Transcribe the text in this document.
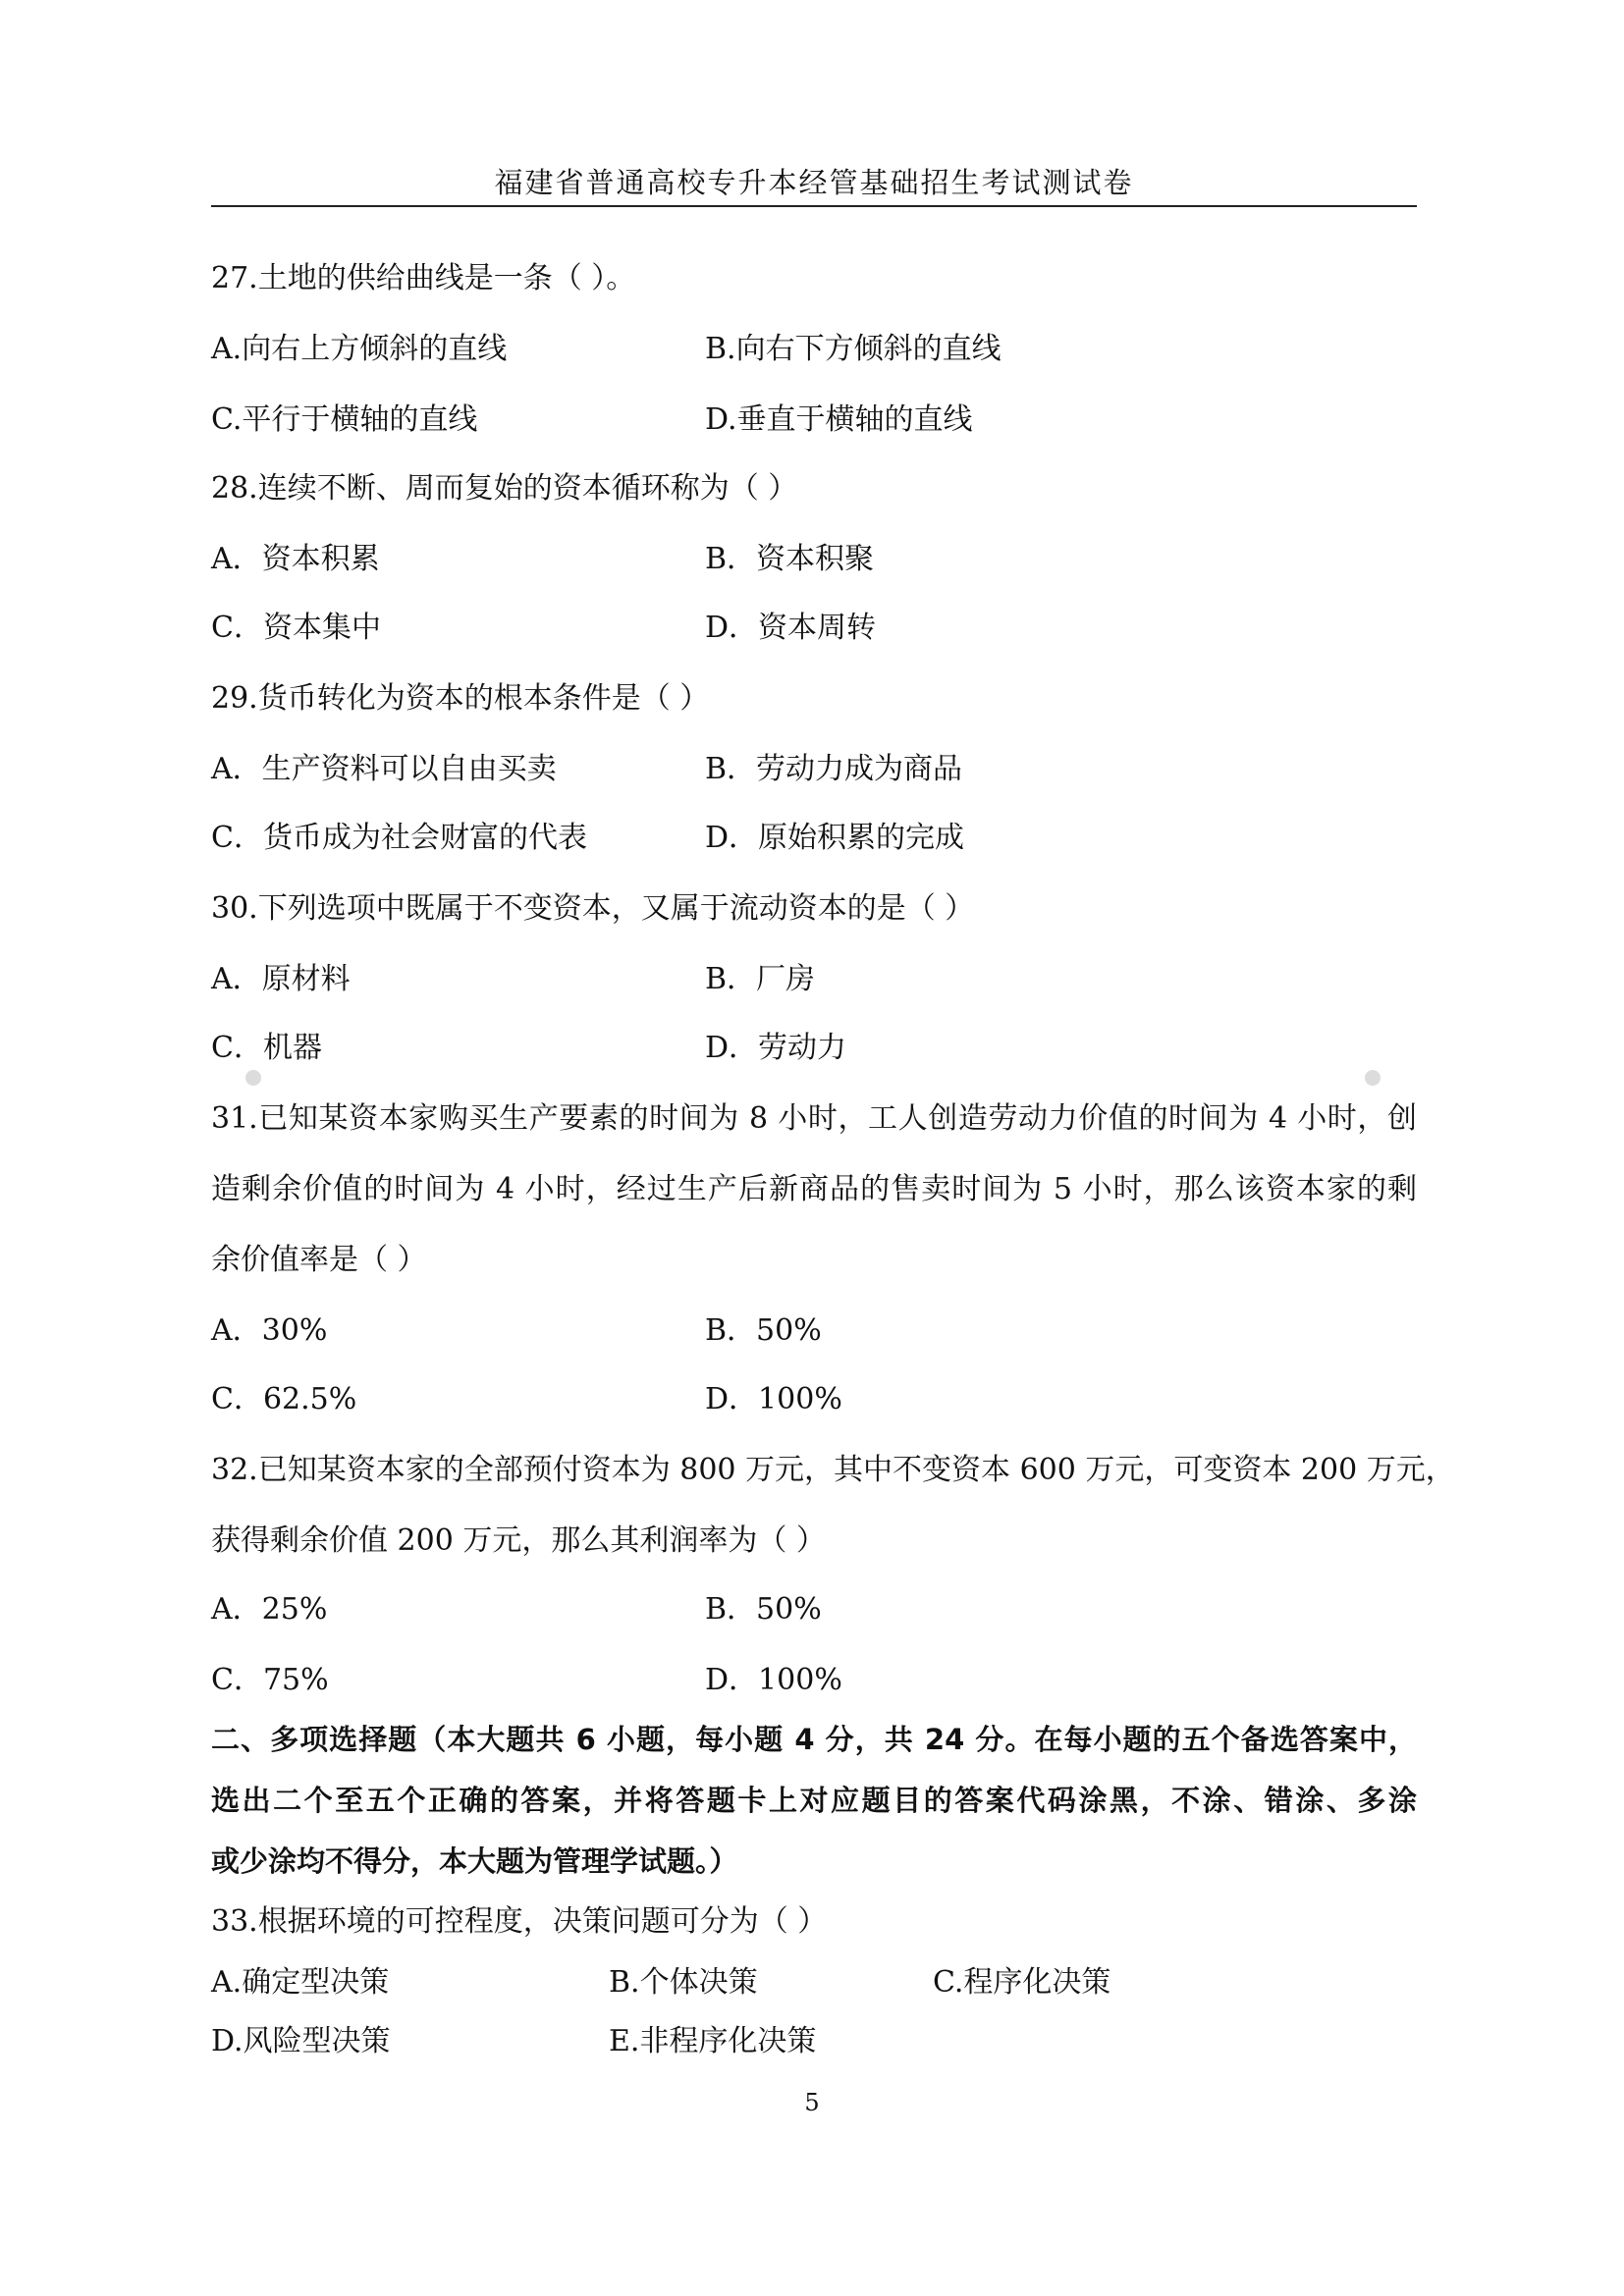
福建省普通高校专升本经管基础招生考试测试卷
27.土地的供给曲线是一条（ ）。
A.向右上方倾斜的直线	B.向右下方倾斜的直线
C.平行于横轴的直线	D.垂直于横轴的直线
28.连续不断、周而复始的资本循环称为（ ）
A．资本积累	B．资本积聚
C．资本集中	D．资本周转
29.货币转化为资本的根本条件是（ ）
A．生产资料可以自由买卖	B．劳动力成为商品
C．货币成为社会财富的代表	D．原始积累的完成
30.下列选项中既属于不变资本，又属于流动资本的是（ ）
A．原材料	B．厂房
C．机器	D．劳动力
31.已知某资本家购买生产要素的时间为 8 小时，工人创造劳动力价值的时间为 4 小时，创
造剩余价值的时间为 4 小时，经过生产后新商品的售卖时间为 5 小时，那么该资本家的剩
余价值率是（ ）
A．30%	B．50%
C．62.5%	D．100%
32.已知某资本家的全部预付资本为 800 万元，其中不变资本 600 万元，可变资本 200 万元，
获得剩余价值 200 万元，那么其利润率为（ ）
A．25%	B．50%
C．75%	D．100%
二、多项选择题（本大题共 6 小题，每小题 4 分，共 24 分。在每小题的五个备选答案中，
选出二个至五个正确的答案，并将答题卡上对应题目的答案代码涂黑，不涂、错涂、多涂
或少涂均不得分，本大题为管理学试题。）
33.根据环境的可控程度，决策问题可分为（ ）
A.确定型决策	B.个体决策	C.程序化决策
D.风险型决策	E.非程序化决策
5
